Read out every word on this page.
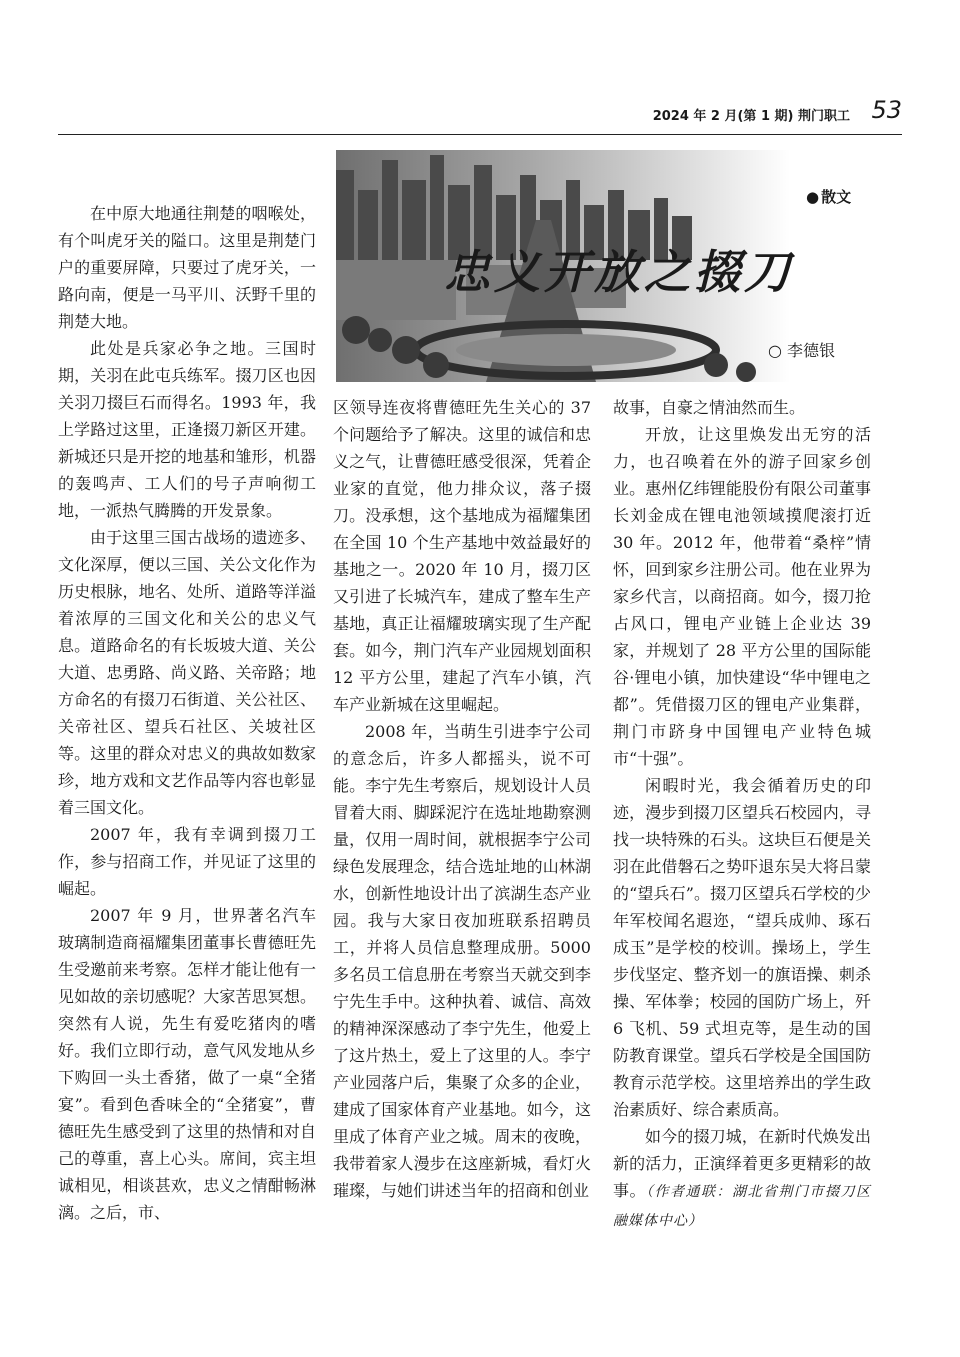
2024 年 2 月(第 1 期) 荆门职工 53
● 散文
忠义开放之掇刀
○ 李德银

在中原大地通往荆楚的咽喉处，有个叫虎牙关的隘口。这里是荆楚门户的重要屏障，只要过了虎牙关，一路向南，便是一马平川、沃野千里的荆楚大地。

此处是兵家必争之地。三国时期，关羽在此屯兵练军。掇刀区也因关羽刀掇巨石而得名。1993 年，我上学路过这里，正逢掇刀新区开建。新城还只是开挖的地基和雏形，机器的轰鸣声、工人们的号子声响彻工地，一派热气腾腾的开发景象。

由于这里三国古战场的遗迹多、文化深厚，便以三国、关公文化作为历史根脉，地名、处所、道路等洋溢着浓厚的三国文化和关公的忠义气息。道路命名的有长坂坡大道、关公大道、忠勇路、尚义路、关帝路；地方命名的有掇刀石街道、关公社区、关帝社区、望兵石社区、关坡社区等。这里的群众对忠义的典故如数家珍，地方戏和文艺作品等内容也彰显着三国文化。

2007 年，我有幸调到掇刀工作，参与招商工作，并见证了这里的崛起。

2007 年 9 月，世界著名汽车玻璃制造商福耀集团董事长曹德旺先生受邀前来考察。怎样才能让他有一见如故的亲切感呢？大家苦思冥想。突然有人说，先生有爱吃猪肉的嗜好。我们立即行动，意气风发地从乡下购回一头土香猪，做了一桌“全猪宴”。看到色香味全的“全猪宴”，曹德旺先生感受到了这里的热情和对自己的尊重，喜上心头。席间，宾主坦诚相见，相谈甚欢，忠义之情酣畅淋漓。之后，市、

区领导连夜将曹德旺先生关心的 37 个问题给予了解决。这里的诚信和忠义之气，让曹德旺感受很深，凭着企业家的直觉，他力排众议，落子掇刀。没承想，这个基地成为福耀集团在全国 10 个生产基地中效益最好的基地之一。2020 年 10 月，掇刀区又引进了长城汽车，建成了整车生产基地，真正让福耀玻璃实现了生产配套。如今，荆门汽车产业园规划面积 12 平方公里，建起了汽车小镇，汽车产业新城在这里崛起。

2008 年，当萌生引进李宁公司的意念后，许多人都摇头，说不可能。李宁先生考察后，规划设计人员冒着大雨、脚踩泥泞在选址地勘察测量，仅用一周时间，就根据李宁公司绿色发展理念，结合选址地的山林湖水，创新性地设计出了滨湖生态产业园。我与大家日夜加班联系招聘员工，并将人员信息整理成册。5000 多名员工信息册在考察当天就交到李宁先生手中。这种执着、诚信、高效的精神深深感动了李宁先生，他爱上了这片热土，爱上了这里的人。李宁产业园落户后，集聚了众多的企业，建成了国家体育产业基地。如今，这里成了体育产业之城。周末的夜晚，我带着家人漫步在这座新城，看灯火璀璨，与她们讲述当年的招商和创业

故事，自豪之情油然而生。

开放，让这里焕发出无穷的活力，也召唤着在外的游子回家乡创业。惠州亿纬锂能股份有限公司董事长刘金成在锂电池领域摸爬滚打近 30 年。2012 年，他带着“桑梓”情怀，回到家乡注册公司。他在业界为家乡代言，以商招商。如今，掇刀抢占风口，锂电产业链上企业达 39 家，并规划了 28 平方公里的国际能谷·锂电小镇，加快建设“华中锂电之都”。凭借掇刀区的锂电产业集群，荆门市跻身中国锂电产业特色城市“十强”。

闲暇时光，我会循着历史的印迹，漫步到掇刀区望兵石校园内，寻找一块特殊的石头。这块巨石便是关羽在此借磐石之势吓退东吴大将吕蒙的“望兵石”。掇刀区望兵石学校的少年军校闻名遐迩，“望兵成帅、琢石成玉”是学校的校训。操场上，学生步伐坚定、整齐划一的旗语操、刺杀操、军体拳；校园的国防广场上，歼 6 飞机、59 式坦克等，是生动的国防教育课堂。望兵石学校是全国国防教育示范学校。这里培养出的学生政治素质好、综合素质高。

如今的掇刀城，在新时代焕发出新的活力，正演绎着更多更精彩的故事。（作者通联：湖北省荆门市掇刀区融媒体中心）
